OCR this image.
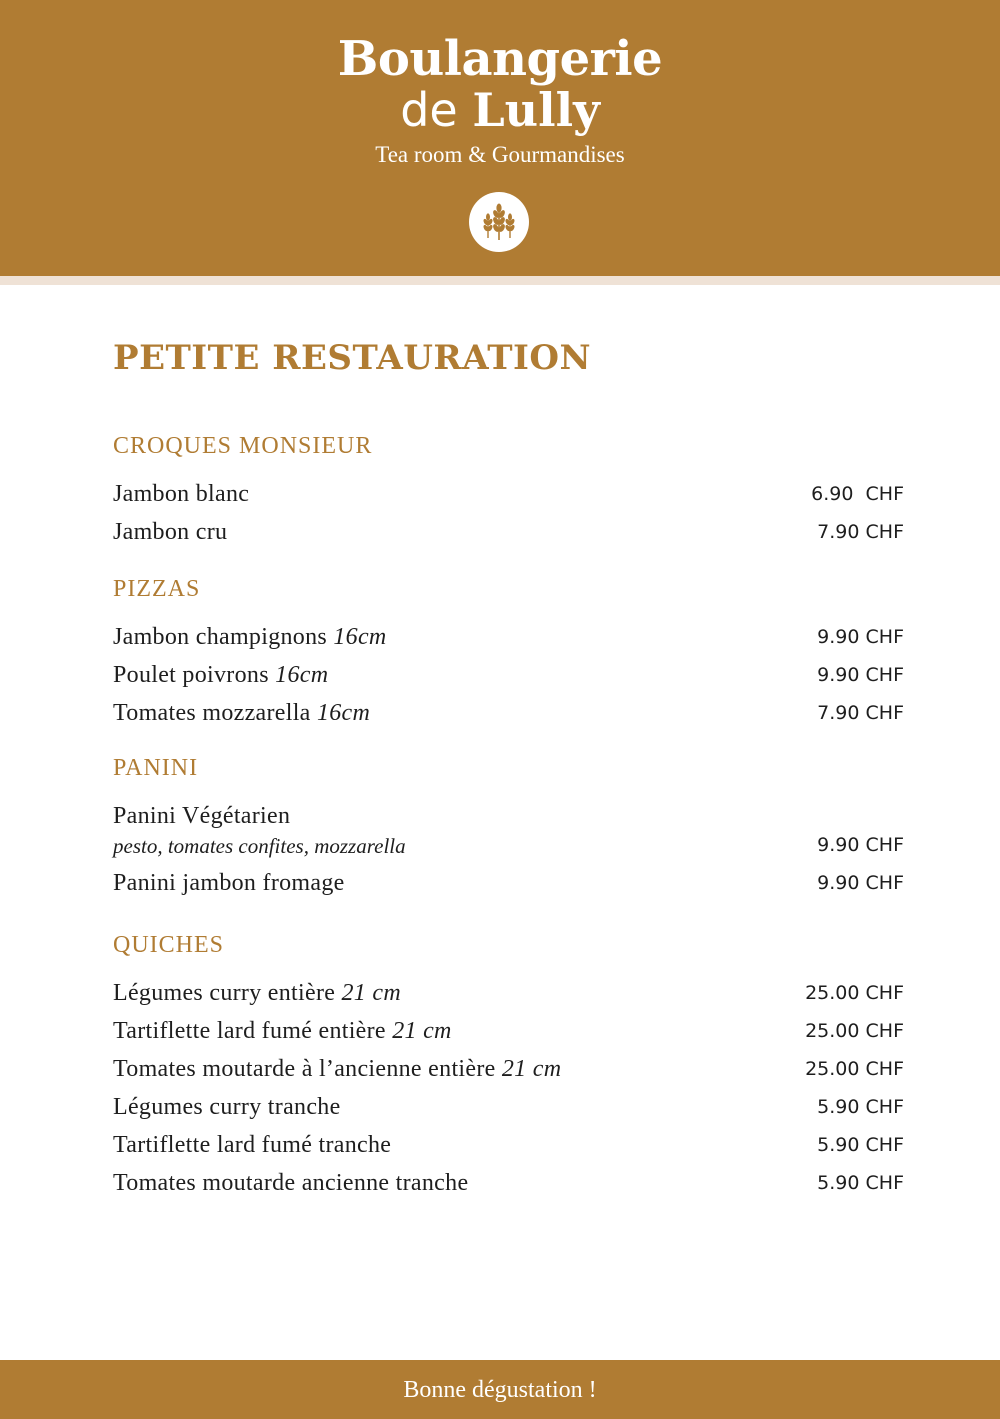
Boulangerie
de Lully
Tea room & Gourmandises
PETITE RESTAURATION
CROQUES MONSIEUR
Jambon blanc	6.90  CHF
Jambon cru	7.90 CHF
PIZZAS
Jambon champignons 16cm	9.90 CHF
Poulet poivrons 16cm	9.90 CHF
Tomates mozzarella 16cm	7.90 CHF
PANINI
Panini Végétarien
pesto, tomates confites, mozzarella	9.90 CHF
Panini jambon fromage	9.90 CHF
QUICHES
Légumes curry entière 21 cm	25.00 CHF
Tartiflette lard fumé entière 21 cm	25.00 CHF
Tomates moutarde à l’ancienne entière 21 cm	25.00 CHF
Légumes curry tranche	5.90 CHF
Tartiflette lard fumé tranche	5.90 CHF
Tomates moutarde ancienne tranche	5.90 CHF
Bonne dégustation !
